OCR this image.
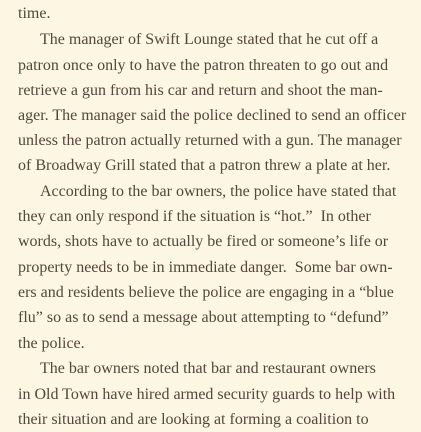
time.
The manager of Swift Lounge stated that he cut off a
patron once only to have the patron threaten to go out and
retrieve a gun from his car and return and shoot the man-
ager. The manager said the police declined to send an officer
unless the patron actually returned with a gun. The manager
of Broadway Grill stated that a patron threw a plate at her.
According to the bar owners, the police have stated that
they can only respond if the situation is “hot.”  In other
words, shots have to actually be fired or someone’s life or
property needs to be in immediate danger.  Some bar own-
ers and residents believe the police are engaging in a “blue
flu” so as to send a message about attempting to “defund”
the police.
The bar owners noted that bar and restaurant owners
in Old Town have hired armed security guards to help with
their situation and are looking at forming a coalition to
